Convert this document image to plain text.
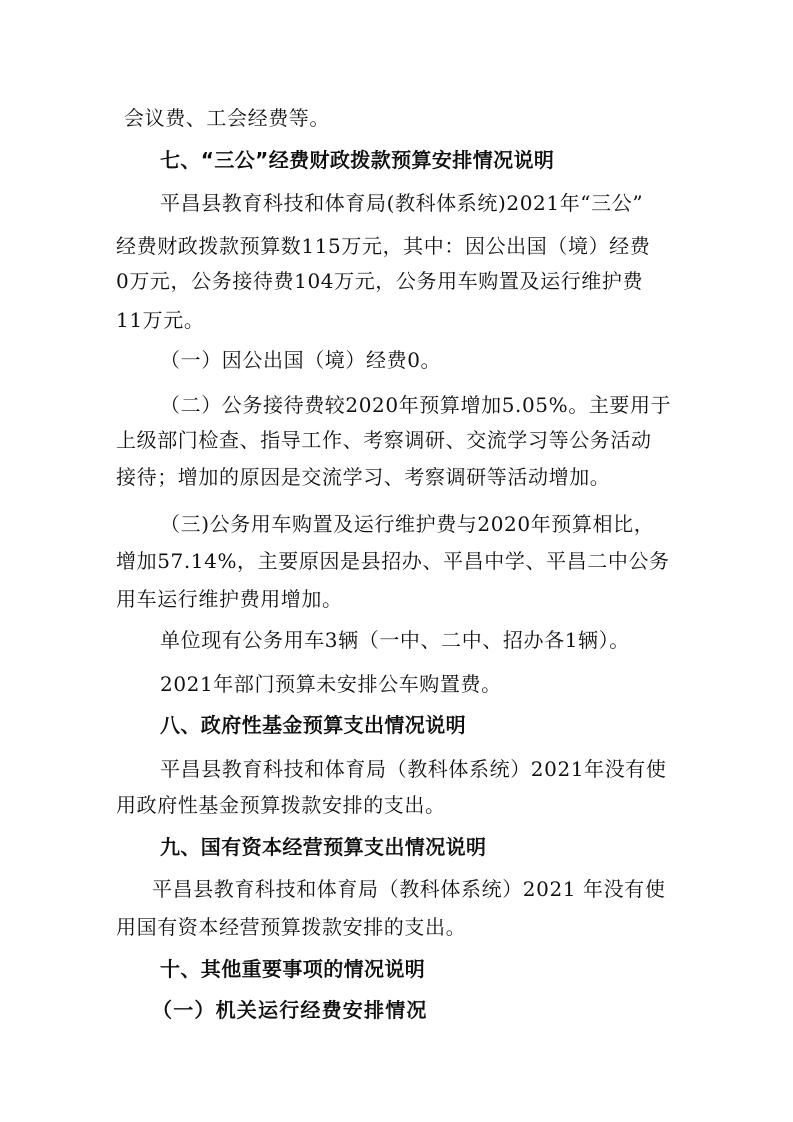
会议费、工会经费等。
七、“三公”经费财政拨款预算安排情况说明
平昌县教育科技和体育局(教科体系统)2021年“三公”
经费财政拨款预算数115万元，其中：因公出国（境）经费
0万元，公务接待费104万元，公务用车购置及运行维护费
11万元。
（一）因公出国（境）经费0。
（二）公务接待费较2020年预算增加5.05%。主要用于
上级部门检查、指导工作、考察调研、交流学习等公务活动
接待；增加的原因是交流学习、考察调研等活动增加。
（三)公务用车购置及运行维护费与2020年预算相比，
增加57.14%，主要原因是县招办、平昌中学、平昌二中公务
用车运行维护费用增加。
单位现有公务用车3辆（一中、二中、招办各1辆）。
2021年部门预算未安排公车购置费。
八、政府性基金预算支出情况说明
平昌县教育科技和体育局（教科体系统）2021年没有使
用政府性基金预算拨款安排的支出。
九、国有资本经营预算支出情况说明
平昌县教育科技和体育局（教科体系统）2021 年没有使
用国有资本经营预算拨款安排的支出。
十、其他重要事项的情况说明
（一）机关运行经费安排情况
